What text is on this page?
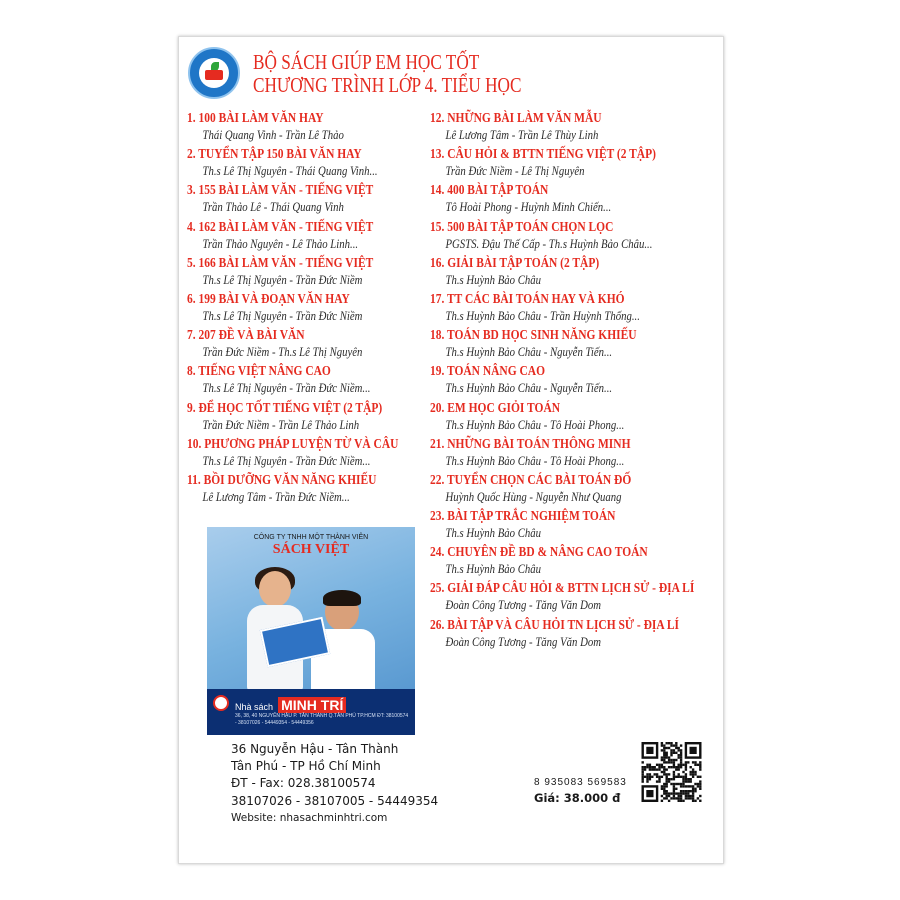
BỘ SÁCH GIÚP EM HỌC TỐT
CHƯƠNG TRÌNH LỚP 4. TIỂU HỌC
1. 100 BÀI LÀM VĂN HAY
Thái Quang Vinh - Trần Lê Thảo
2. TUYỂN TẬP 150 BÀI VĂN HAY
Th.s Lê Thị Nguyên - Thái Quang Vinh...
3. 155 BÀI LÀM VĂN - TIẾNG VIỆT
Trần Thảo Lê - Thái Quang Vinh
4. 162 BÀI LÀM VĂN - TIẾNG VIỆT
Trần Thảo Nguyên - Lê Thảo Linh...
5. 166 BÀI LÀM VĂN - TIẾNG VIỆT
Th.s Lê Thị Nguyên - Trần Đức Niềm
6. 199 BÀI VÀ ĐOẠN VĂN HAY
Th.s Lê Thị Nguyên - Trần Đức Niềm
7. 207 ĐỀ VÀ BÀI VĂN
Trần Đức Niềm - Th.s Lê Thị Nguyên
8. TIẾNG VIỆT NÂNG CAO
Th.s Lê Thị Nguyên - Trần Đức Niềm...
9. ĐỂ HỌC TỐT TIẾNG VIỆT (2 TẬP)
Trần Đức Niềm - Trần Lê Thảo Linh
10. PHƯƠNG PHÁP LUYỆN TỪ VÀ CÂU
Th.s Lê Thị Nguyên - Trần Đức Niềm...
11. BỒI DƯỠNG VĂN NĂNG KHIẾU
Lê Lương Tâm - Trần Đức Niềm...
12. NHỮNG BÀI LÀM VĂN MẪU
Lê Lương Tâm - Trần Lê Thùy Linh
13. CÂU HỎI & BTTN TIẾNG VIỆT (2 TẬP)
Trần Đức Niềm - Lê Thị Nguyên
14. 400 BÀI TẬP TOÁN
Tô Hoài Phong - Huỳnh Minh Chiến...
15. 500 BÀI TẬP TOÁN CHỌN LỌC
PGSTS. Đậu Thế Cấp - Th.s Huỳnh Bảo Châu...
16. GIẢI BÀI TẬP TOÁN (2 TẬP)
Th.s Huỳnh Bảo Châu
17. TT CÁC BÀI TOÁN HAY VÀ KHÓ
Th.s Huỳnh Bảo Châu - Trần Huỳnh Thống...
18. TOÁN BD HỌC SINH NĂNG KHIẾU
Th.s Huỳnh Bảo Châu - Nguyễn Tiến...
19. TOÁN NÂNG CAO
Th.s Huỳnh Bảo Châu - Nguyễn Tiến...
20. EM HỌC GIỎI TOÁN
Th.s Huỳnh Bảo Châu - Tô Hoài Phong...
21. NHỮNG BÀI TOÁN THÔNG MINH
Th.s Huỳnh Bảo Châu - Tô Hoài Phong...
22. TUYỂN CHỌN CÁC BÀI TOÁN ĐỐ
Huỳnh Quốc Hùng - Nguyễn Như Quang
23. BÀI TẬP TRẮC NGHIỆM TOÁN
Th.s Huỳnh Bảo Châu
24. CHUYÊN ĐỀ BD & NÂNG CAO TOÁN
Th.s Huỳnh Bảo Châu
25. GIẢI ĐÁP CÂU HỎI & BTTN LỊCH SỬ - ĐỊA LÍ
Đoàn Công Tương - Tăng Văn Dom
26. BÀI TẬP VÀ CÂU HỎI TN LỊCH SỬ - ĐỊA LÍ
Đoàn Công Tương - Tăng Văn Dom
CÔNG TY TNHH MỘT THÀNH VIÊN
SÁCH VIỆT
Nhà sách MINH TRÍ
36, 38, 40 NGUYỄN HẬU P. TÂN THÀNH Q.TÂN PHÚ TP.HCM ĐT: 38100574 - 38107026 - 54449354 - 54449356
36 Nguyễn Hậu - Tân Thành
Tân Phú - TP Hồ Chí Minh
ĐT - Fax: 028.38100574
38107026 - 38107005 - 54449354
Website: nhasachminhtri.com
8 935083 569583
Giá: 38.000 đ
